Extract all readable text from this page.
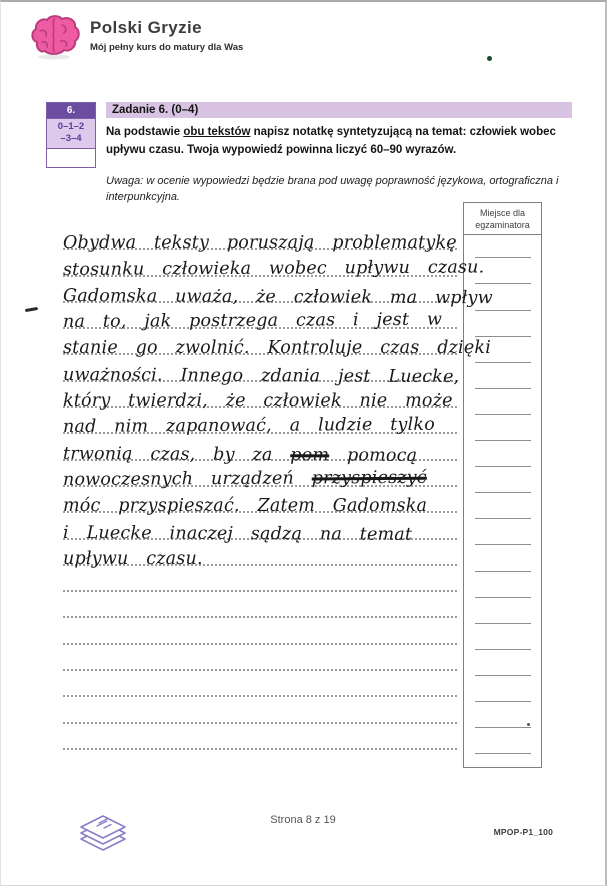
Polski Gryzie
Mój pełny kurs do matury dla Was
6.
0–1–2
–3–4
Zadanie 6. (0–4)
Na podstawie obu tekstów napisz notatkę syntetyzującą na temat: człowiek wobec upływu czasu. Twoja wypowiedź powinna liczyć 60–90 wyrazów.
Uwaga: w ocenie wypowiedzi będzie brana pod uwagę poprawność językowa, ortograficzna i interpunkcyjna.
Miejsce dla egzaminatora
Obydwa teksty poruszają problematykę
stosunku człowieka wobec upływu czasu.
Gadomska uważa, że człowiek ma wpływ
na to, jak postrzega czas i jest w
stanie go zwolnić. Kontroluje czas dzięki
uważności. Innego zdania jest Luecke,
który twierdzi, że człowiek nie może
nad nim zapanować, a ludzie tylko
trwonią czas, by za pom pomocą
nowoczesnych urządzeń przyspieszyć
móc przyspieszać. Zatem Gadomska
i Luecke inaczej sądzą na temat
upływu czasu.
Strona 8 z 19
MPOP-P1_100
